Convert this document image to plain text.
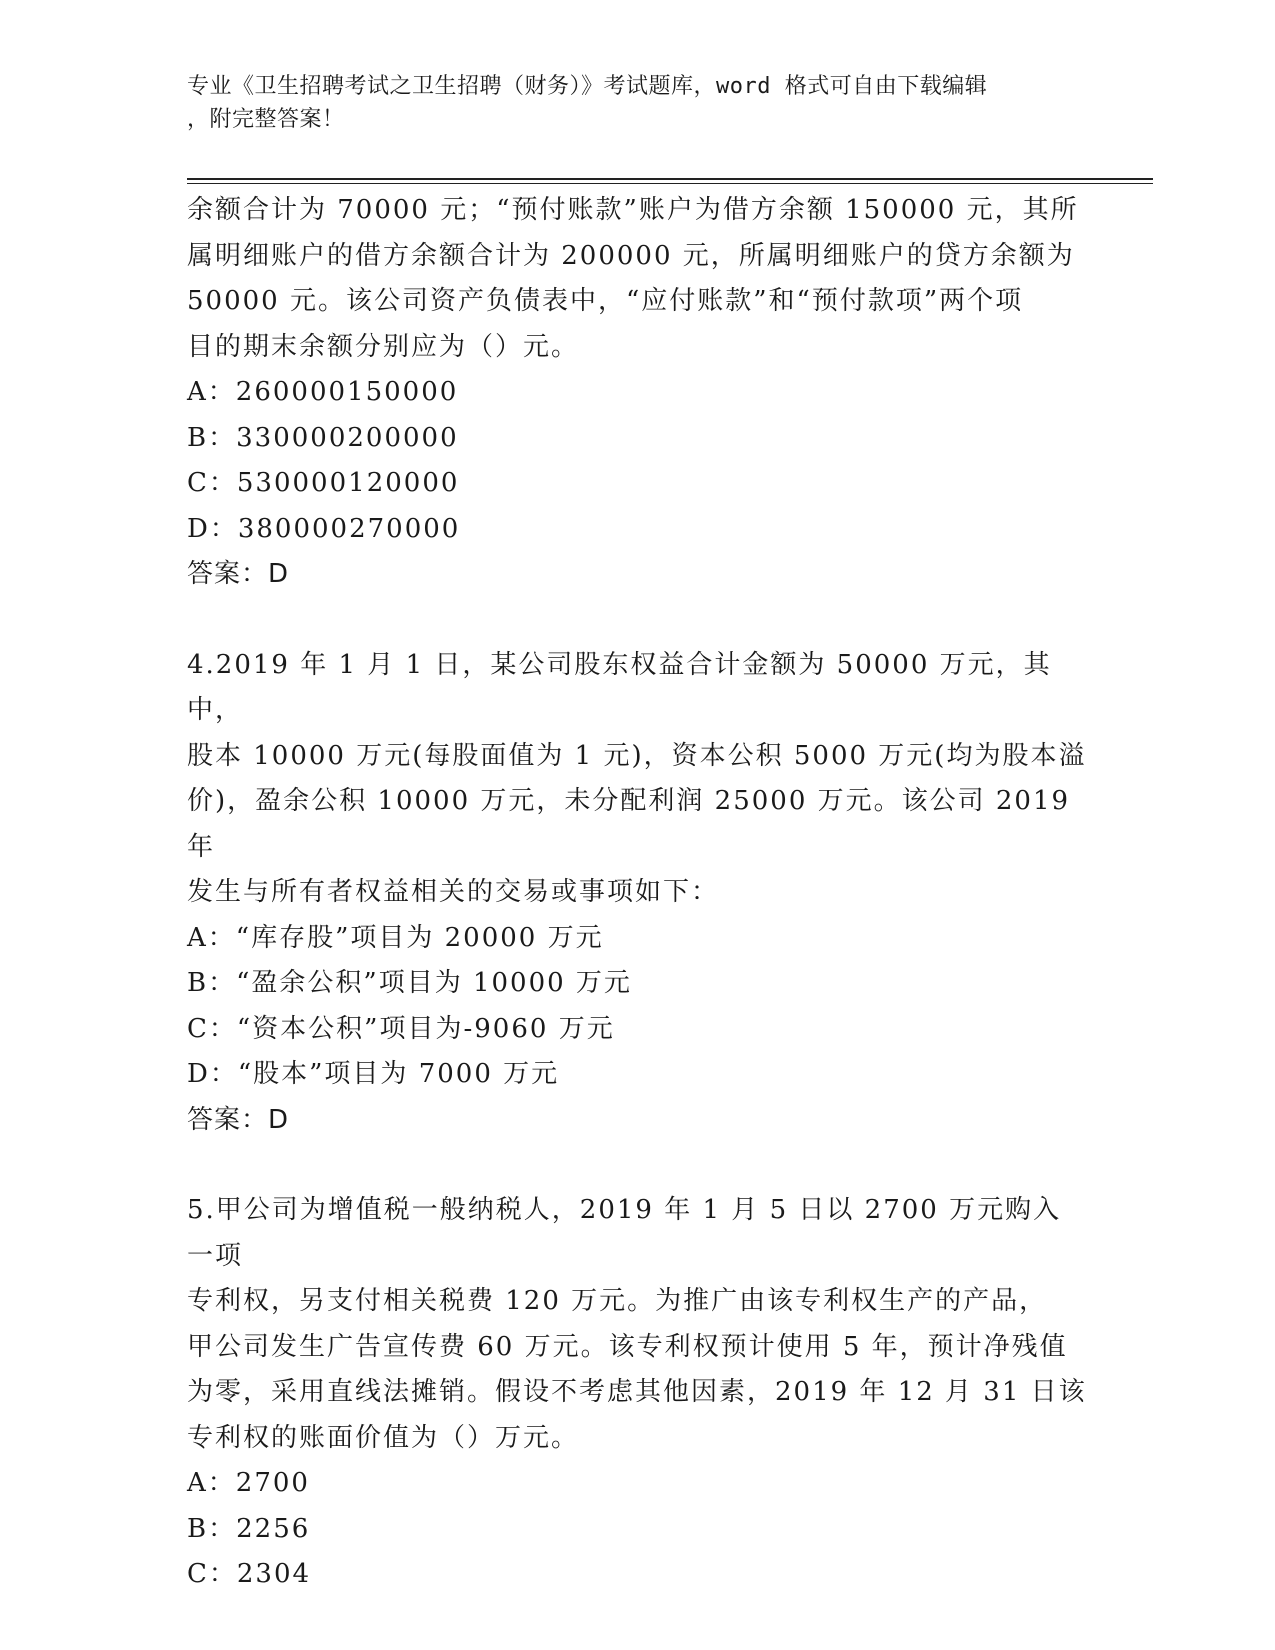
专业《卫生招聘考试之卫生招聘（财务）》考试题库，word 格式可自由下载编辑
，附完整答案！

余额合计为 70000 元；“预付账款”账户为借方余额 150000 元，其所

属明细账户的借方余额合计为 200000 元，所属明细账户的贷方余额为

50000 元。该公司资产负债表中，“应付账款”和“预付款项”两个项

目的期末余额分别应为（）元。

A：260000150000

B：330000200000

C：530000120000

D：380000270000

答案：D

4.2019 年 1 月 1 日，某公司股东权益合计金额为 50000 万元，其中，

股本 10000 万元(每股面值为 1 元)，资本公积 5000 万元(均为股本溢

价)，盈余公积 10000 万元，未分配利润 25000 万元。该公司 2019 年

发生与所有者权益相关的交易或事项如下：

A：“库存股”项目为 20000 万元

B：“盈余公积”项目为 10000 万元

C：“资本公积”项目为-9060 万元

D：“股本”项目为 7000 万元

答案：D

5.甲公司为增值税一般纳税人，2019 年 1 月 5 日以 2700 万元购入一项

专利权，另支付相关税费 120 万元。为推广由该专利权生产的产品，

甲公司发生广告宣传费 60 万元。该专利权预计使用 5 年，预计净残值

为零，采用直线法摊销。假设不考虑其他因素，2019 年 12 月 31 日该

专利权的账面价值为（）万元。

A：2700

B：2256

C：2304
